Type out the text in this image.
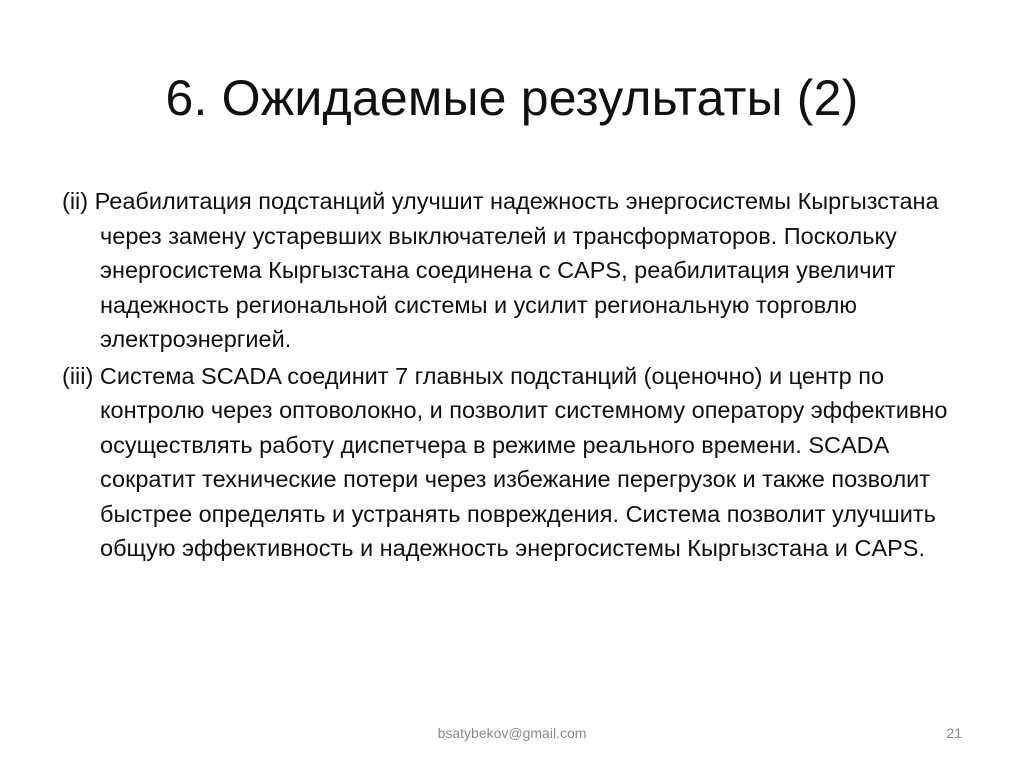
6. Ожидаемые результаты (2)

(ii) Реабилитация подстанций улучшит надежность энергосистемы Кыргызстана через замену устаревших выключателей и трансформаторов. Поскольку энергосистема Кыргызстана соединена с CAPS, реабилитация увеличит надежность региональной системы и усилит региональную торговлю электроэнергией.

(iii) Система SCADA соединит 7 главных подстанций (оценочно) и центр по контролю через оптоволокно, и позволит системному оператору эффективно осуществлять работу диспетчера в режиме реального времени. SCADA сократит технические потери через избежание перегрузок и также позволит быстрее определять и устранять повреждения. Система позволит улучшить общую эффективность и надежность энергосистемы Кыргызстана и CAPS.

bsatybekov@gmail.com	21
